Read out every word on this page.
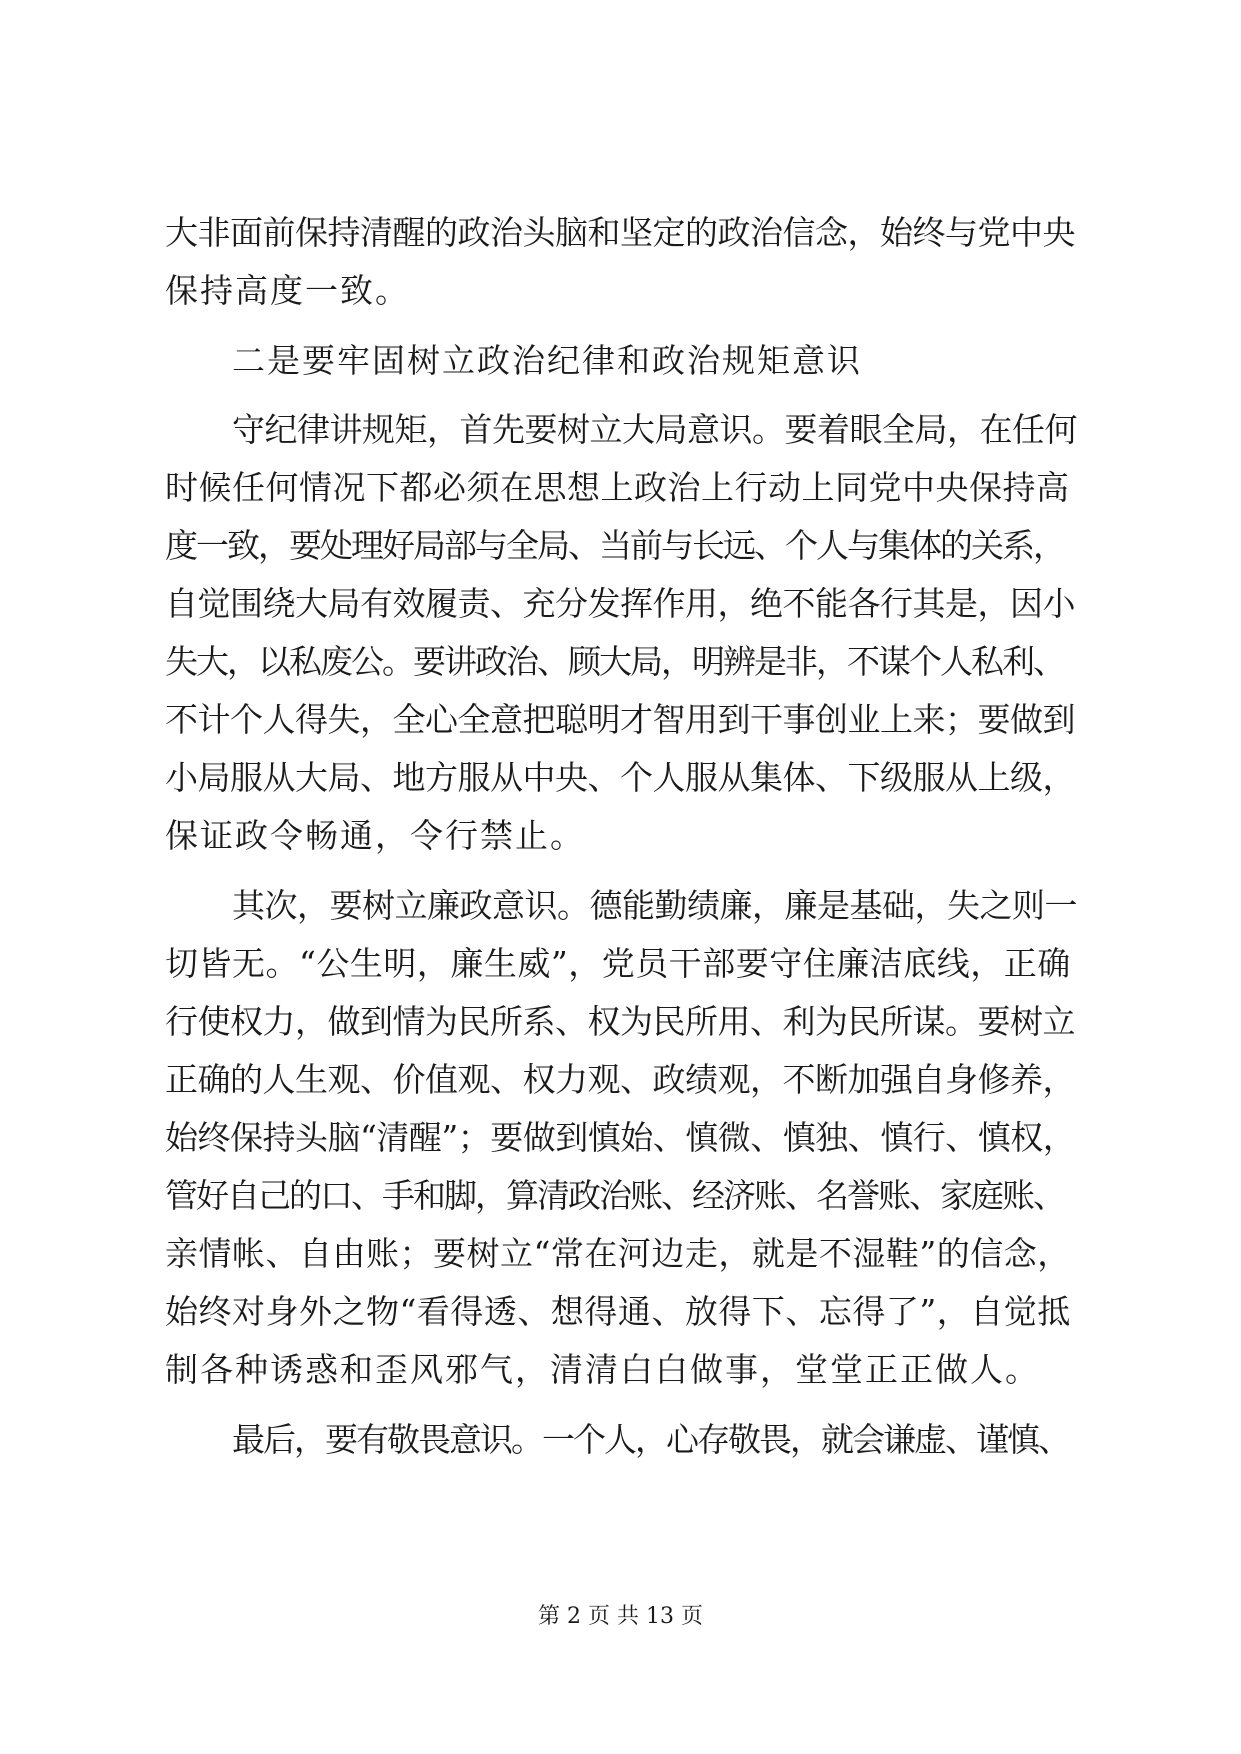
大非面前保持清醒的政治头脑和坚定的政治信念，始终与党中央
保持高度一致。
二是要牢固树立政治纪律和政治规矩意识
守纪律讲规矩，首先要树立大局意识。要着眼全局，在任何
时候任何情况下都必须在思想上政治上行动上同党中央保持高
度一致，要处理好局部与全局、当前与长远、个人与集体的关系，
自觉围绕大局有效履责、充分发挥作用，绝不能各行其是，因小
失大，以私废公。要讲政治、顾大局，明辨是非，不谋个人私利、
不计个人得失，全心全意把聪明才智用到干事创业上来；要做到
小局服从大局、地方服从中央、个人服从集体、下级服从上级，
保证政令畅通，令行禁止。
其次，要树立廉政意识。德能勤绩廉，廉是基础，失之则一
切皆无。“公生明，廉生威”，党员干部要守住廉洁底线，正确
行使权力，做到情为民所系、权为民所用、利为民所谋。要树立
正确的人生观、价值观、权力观、政绩观，不断加强自身修养，
始终保持头脑“清醒”；要做到慎始、慎微、慎独、慎行、慎权，
管好自己的口、手和脚，算清政治账、经济账、名誉账、家庭账、
亲情帐、自由账；要树立“常在河边走，就是不湿鞋”的信念，
始终对身外之物“看得透、想得通、放得下、忘得了”，自觉抵
制各种诱惑和歪风邪气，清清白白做事，堂堂正正做人。
最后，要有敬畏意识。一个人，心存敬畏，就会谦虚、谨慎、
第 2 页 共 13 页
